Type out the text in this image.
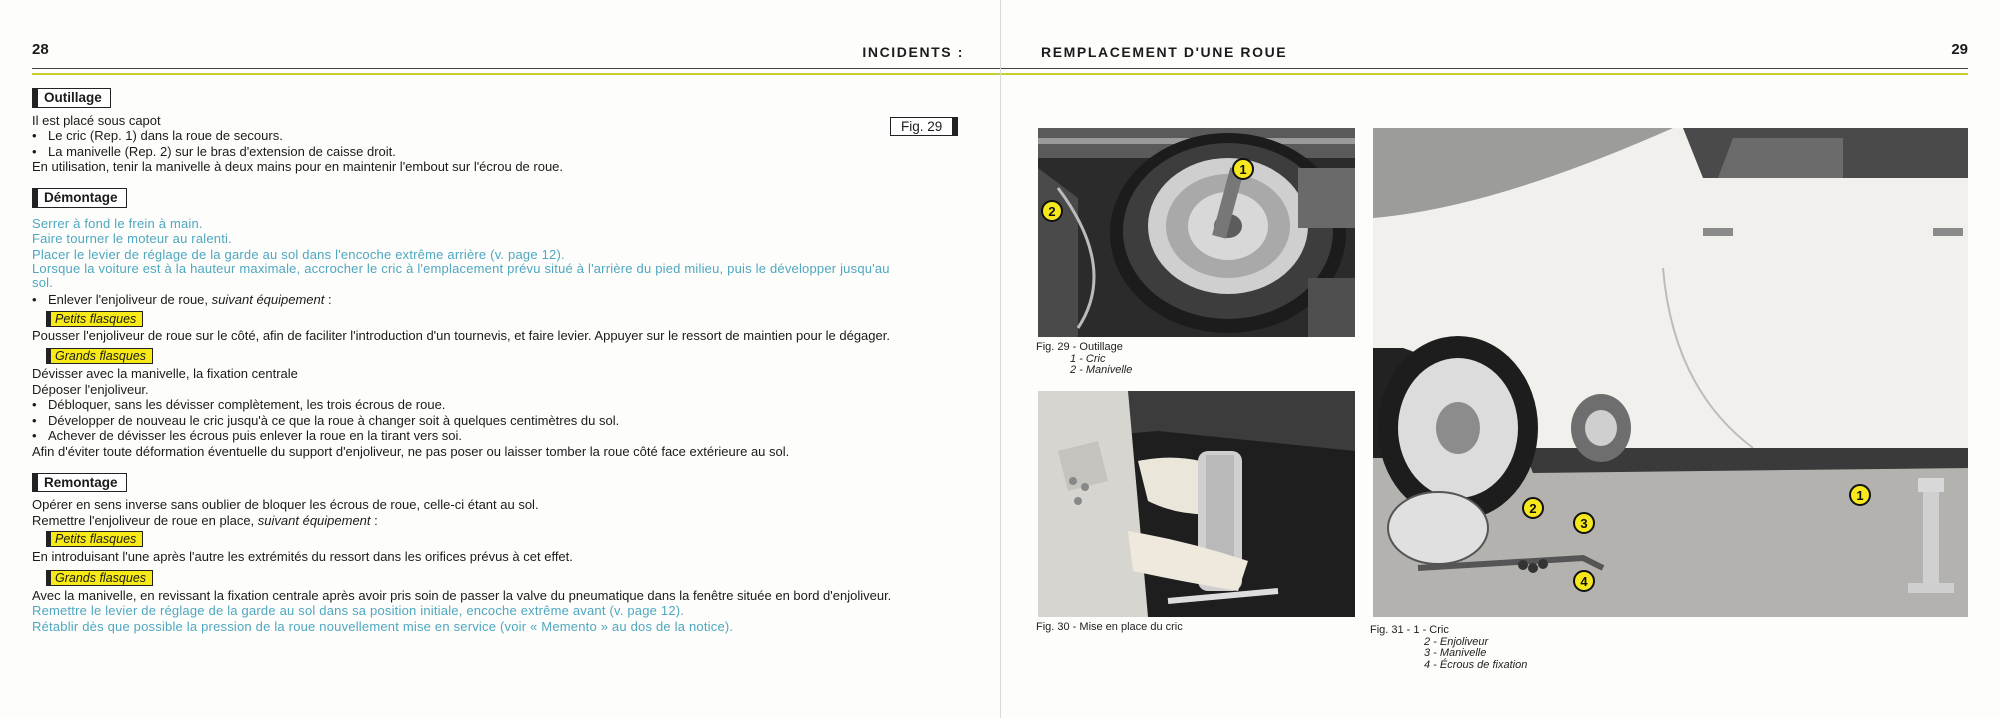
28	INCIDENTS :
Fig. 29
Outillage
Il est placé sous capot
• Le cric (Rep. 1) dans la roue de secours.
• La manivelle (Rep. 2) sur le bras d'extension de caisse droit.
En utilisation, tenir la manivelle à deux mains pour en maintenir l'embout sur l'écrou de roue.
Démontage
Serrer à fond le frein à main.
Faire tourner le moteur au ralenti.
Placer le levier de réglage de la garde au sol dans l'encoche extrême arrière (v. page 12).
Lorsque la voiture est à la hauteur maximale, accrocher le cric à l'emplacement prévu situé à l'arrière du pied milieu, puis le développer jusqu'au sol.
• Enlever l'enjoliveur de roue, suivant équipement :
Petits flasques
Pousser l'enjoliveur de roue sur le côté, afin de faciliter l'introduction d'un tournevis, et faire levier. Appuyer sur le ressort de maintien pour le dégager.
Grands flasques
Dévisser avec la manivelle, la fixation centrale
Déposer l'enjoliveur.
• Débloquer, sans les dévisser complètement, les trois écrous de roue.
• Développer de nouveau le cric jusqu'à ce que la roue à changer soit à quelques centimètres du sol.
• Achever de dévisser les écrous puis enlever la roue en la tirant vers soi.
Afin d'éviter toute déformation éventuelle du support d'enjoliveur, ne pas poser ou laisser tomber la roue côté face extérieure au sol.
Remontage
Opérer en sens inverse sans oublier de bloquer les écrous de roue, celle-ci étant au sol.
Remettre l'enjoliveur de roue en place, suivant équipement :
Petits flasques
En introduisant l'une après l'autre les extrémités du ressort dans les orifices prévus à cet effet.
Grands flasques
Avec la manivelle, en revissant la fixation centrale après avoir pris soin de passer la valve du pneumatique dans la fenêtre située en bord d'enjoliveur.
Remettre le levier de réglage de la garde au sol dans sa position initiale, encoche extrême avant (v. page 12).
Rétablir dès que possible la pression de la roue nouvellement mise en service (voir « Memento » au dos de la notice).
REMPLACEMENT D'UNE ROUE	29
1
2
Fig. 29 - Outillage
1 - Cric
2 - Manivelle
Fig. 30 - Mise en place du cric
1
2
3
4
Fig. 31 - 1 - Cric
2 - Enjoliveur
3 - Manivelle
4 - Écrous de fixation
